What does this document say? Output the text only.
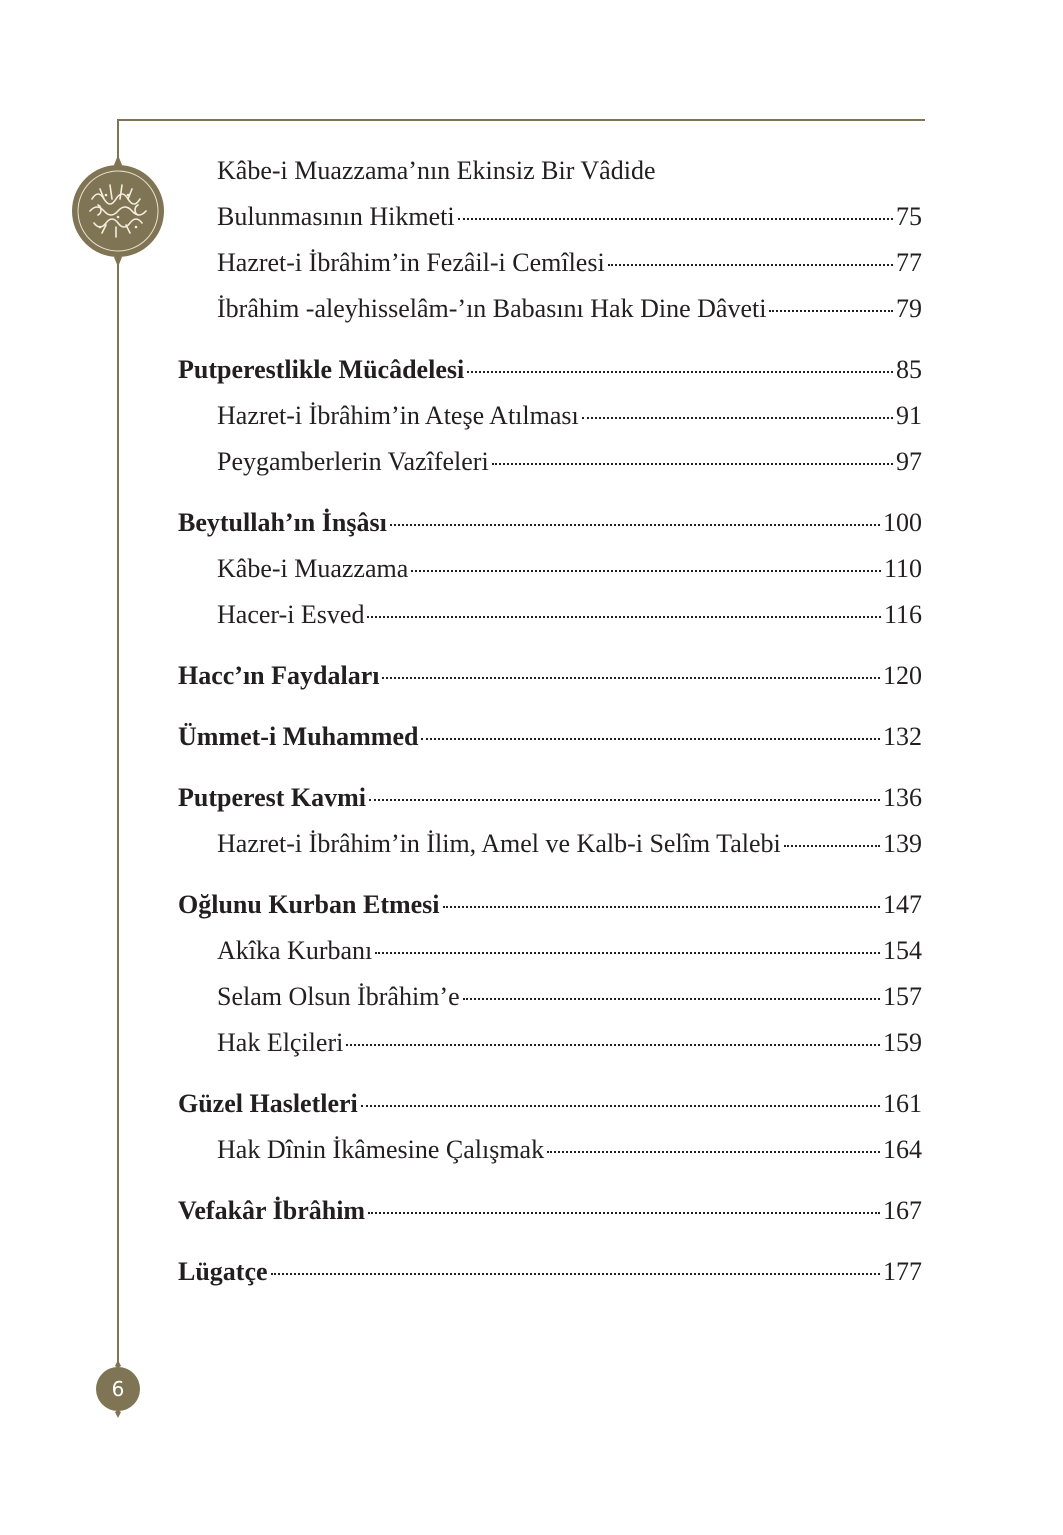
6
Kâbe-i Muazzama’nın Ekinsiz Bir Vâdide
Bulunmasının Hikmeti	75
Hazret-i İbrâhim’in Fezâil-i Cemîlesi	77
İbrâhim -aleyhisselâm-’ın Babasını Hak Dine Dâveti	79
Putperestlikle Mücâdelesi	85
Hazret-i İbrâhim’in Ateşe Atılması	91
Peygamberlerin Vazîfeleri	97
Beytullah’ın İnşâsı	100
Kâbe-i Muazzama	110
Hacer-i Esved	116
Hacc’ın Faydaları	120
Ümmet-i Muhammed	132
Putperest Kavmi	136
Hazret-i İbrâhim’in İlim, Amel ve Kalb-i Selîm Talebi	139
Oğlunu Kurban Etmesi	147
Akîka Kurbanı	154
Selam Olsun İbrâhim’e	157
Hak Elçileri	159
Güzel Hasletleri	161
Hak Dînin İkâmesine Çalışmak	164
Vefakâr İbrâhim	167
Lügatçe	177
